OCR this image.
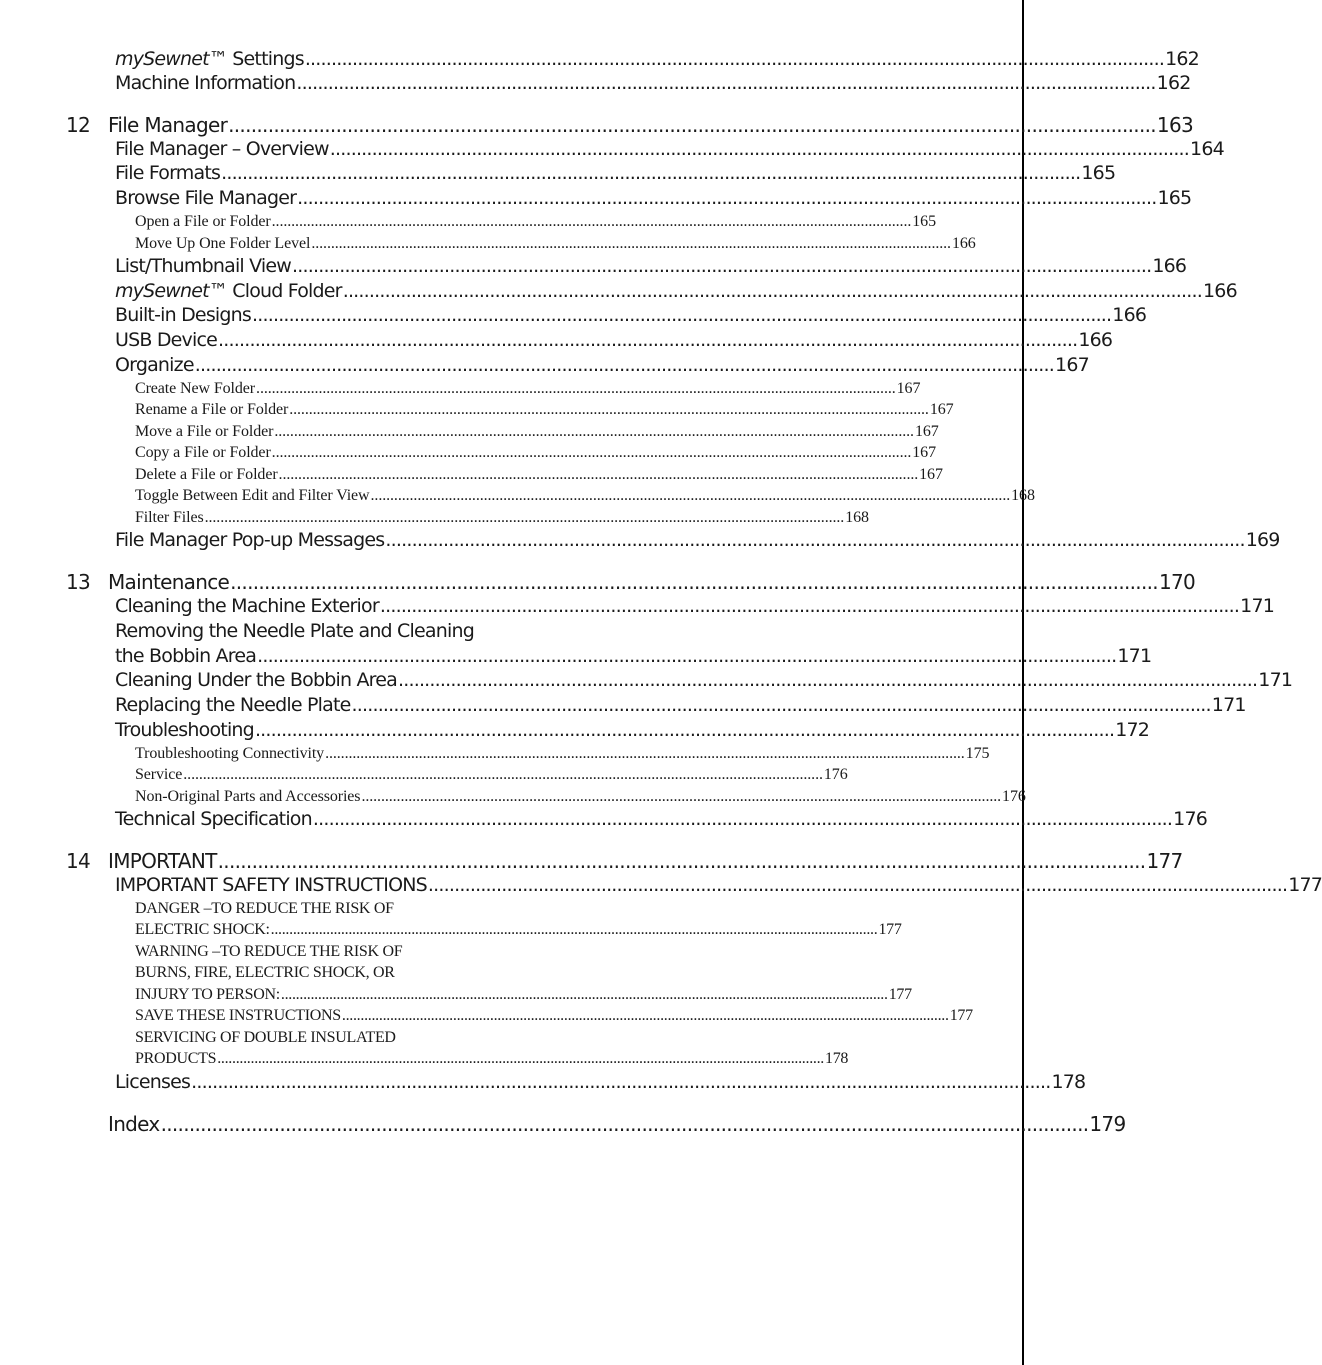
mySewnet™ Settings .................................................................................................................................................................... 162
Machine Information .................................................................................................................................................................... 162
12 File Manager .................................................................................................................................................................... 163
File Manager – Overview .................................................................................................................................................................... 164
File Formats .................................................................................................................................................................... 165
Browse File Manager .................................................................................................................................................................... 165
Open a File or Folder .................................................................................................................................................................... 165
Move Up One Folder Level .................................................................................................................................................................... 166
List/Thumbnail View .................................................................................................................................................................... 166
mySewnet™ Cloud Folder .................................................................................................................................................................... 166
Built-in Designs .................................................................................................................................................................... 166
USB Device .................................................................................................................................................................... 166
Organize .................................................................................................................................................................... 167
Create New Folder .................................................................................................................................................................... 167
Rename a File or Folder .................................................................................................................................................................... 167
Move a File or Folder .................................................................................................................................................................... 167
Copy a File or Folder .................................................................................................................................................................... 167
Delete a File or Folder .................................................................................................................................................................... 167
Toggle Between Edit and Filter View .................................................................................................................................................................... 168
Filter Files .................................................................................................................................................................... 168
File Manager Pop-up Messages .................................................................................................................................................................... 169
13 Maintenance .................................................................................................................................................................... 170
Cleaning the Machine Exterior .................................................................................................................................................................... 171
Removing the Needle Plate and Cleaning
the Bobbin Area .................................................................................................................................................................... 171
Cleaning Under the Bobbin Area .................................................................................................................................................................... 171
Replacing the Needle Plate .................................................................................................................................................................... 171
Troubleshooting .................................................................................................................................................................... 172
Troubleshooting Connectivity .................................................................................................................................................................... 175
Service .................................................................................................................................................................... 176
Non-Original Parts and Accessories .................................................................................................................................................................... 176
Technical Specification .................................................................................................................................................................... 176
14 IMPORTANT .................................................................................................................................................................... 177
IMPORTANT SAFETY INSTRUCTIONS .................................................................................................................................................................... 177
DANGER –TO REDUCE THE RISK OF
ELECTRIC SHOCK: .................................................................................................................................................................... 177
WARNING –TO REDUCE THE RISK OF
BURNS, FIRE, ELECTRIC SHOCK, OR
INJURY TO PERSON: .................................................................................................................................................................... 177
SAVE THESE INSTRUCTIONS .................................................................................................................................................................... 177
SERVICING OF DOUBLE INSULATED
PRODUCTS .................................................................................................................................................................... 178
Licenses .................................................................................................................................................................... 178
Index .................................................................................................................................................................... 179
